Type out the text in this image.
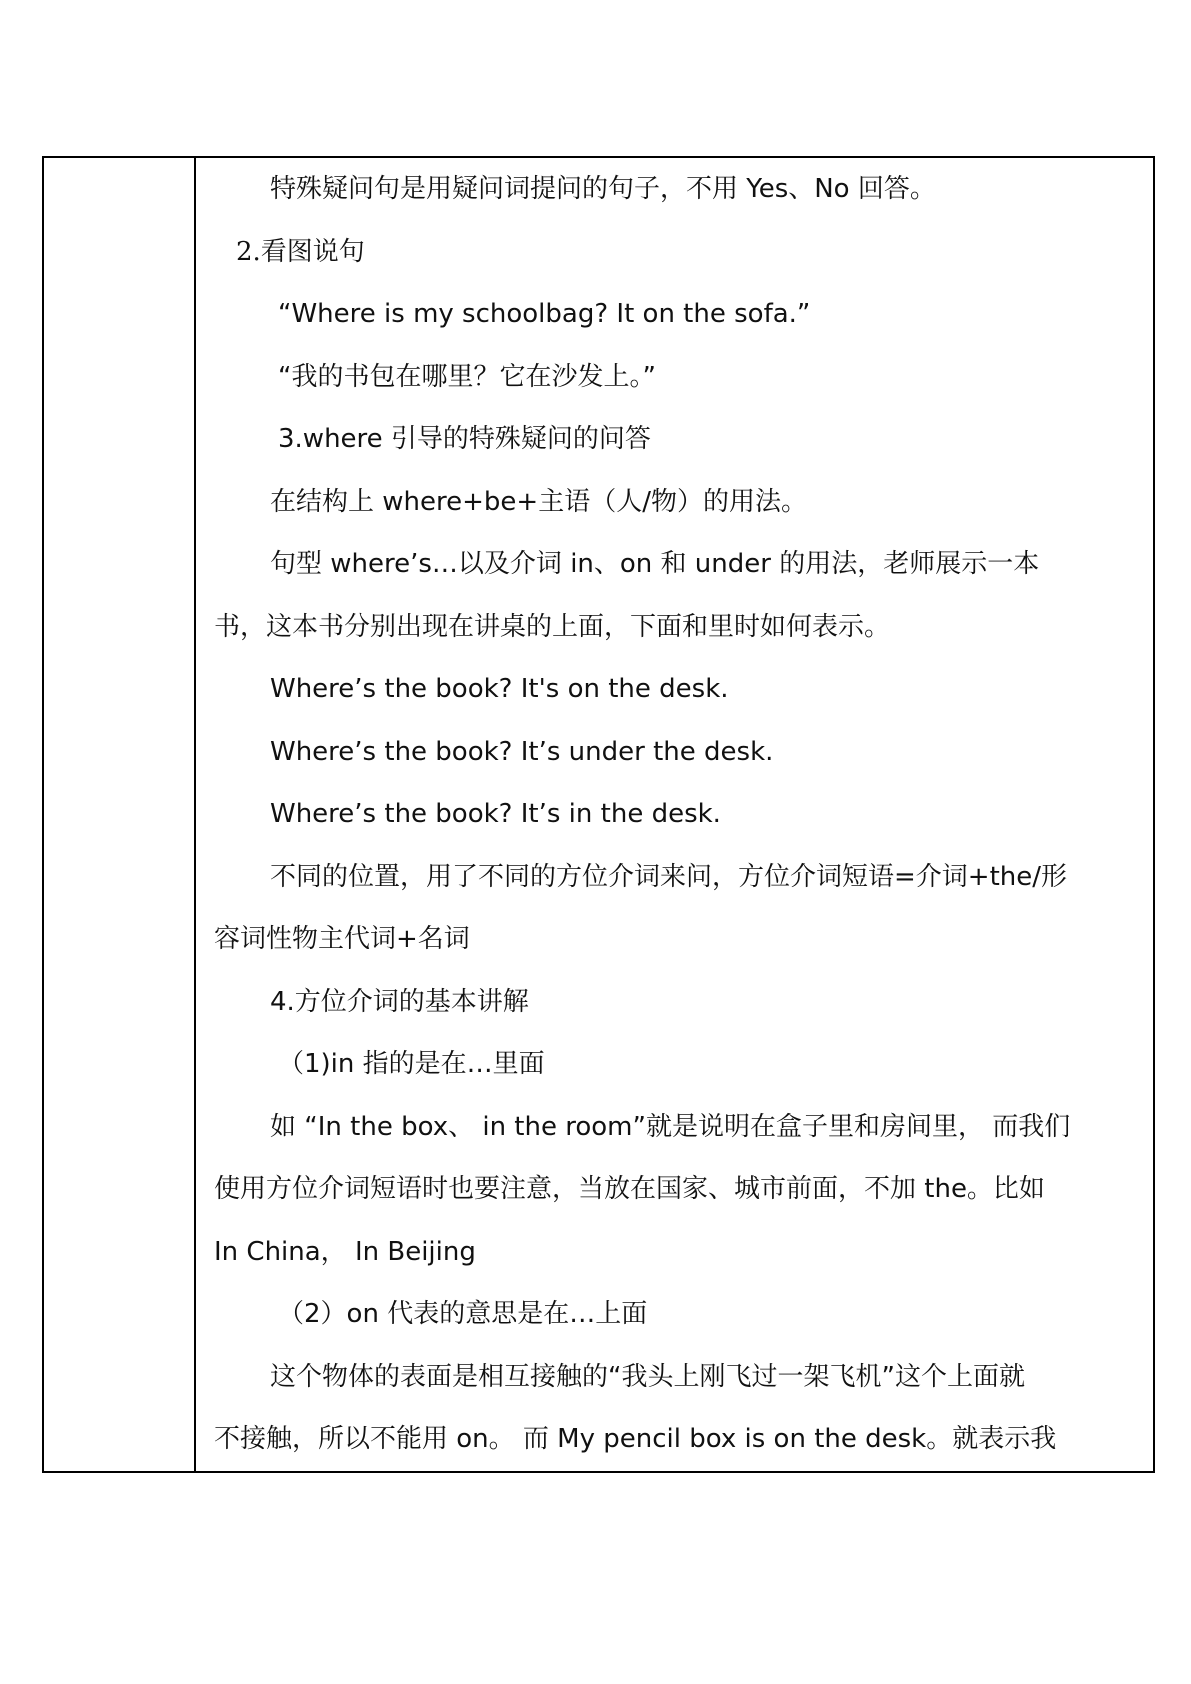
特殊疑问句是用疑问词提问的句子，不用 Yes、No 回答。

2.看图说句

“Where is my schoolbag? It on the sofa.”

“我的书包在哪里？它在沙发上。”

3.where 引导的特殊疑问的问答

在结构上 where+be+主语（人/物）的用法。

句型 where’s…以及介词 in、on 和 under 的用法，老师展示一本

书，这本书分别出现在讲桌的上面，下面和里时如何表示。

Where’s the book? It's on the desk.

Where’s the book? It’s under the desk.

Where’s the book? It’s in the desk.

不同的位置，用了不同的方位介词来问，方位介词短语=介词+the/形

容词性物主代词+名词

4.方位介词的基本讲解

（1)in 指的是在…里面

如 “In the box、 in the room”就是说明在盒子里和房间里， 而我们

使用方位介词短语时也要注意，当放在国家、城市前面，不加 the。比如

In China， In Beijing

（2）on 代表的意思是在…上面

这个物体的表面是相互接触的“我头上刚飞过一架飞机”这个上面就

不接触，所以不能用 on。 而 My pencil box is on the desk。就表示我
